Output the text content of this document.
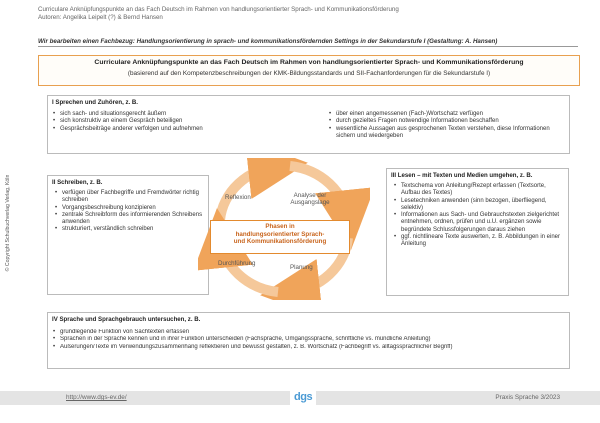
Curriculare Anknüpfungspunkte an das Fach Deutsch im Rahmen von handlungsorientierter Sprach- und Kommunikationsförderung
Autoren: Angelika Leipelt (?) & Bernd Hansen
Wir bearbeiten einen Fachbezug: Handlungsorientierung in sprach- und kommunikationsfördernden Settings in der Sekundarstufe I (Gestaltung: A. Hansen)
© Copyright Schulbuchverlag Verlag, Köln
Curriculare Anknüpfungspunkte an das Fach Deutsch im Rahmen von handlungsorientierter Sprach- und Kommunikationsförderung
(basierend auf den Kompetenzbeschreibungen der KMK-Bildungsstandards und SII-Fachanforderungen für die Sekundarstufe I)
I Sprechen und Zuhören, z. B.
• sich sach- und situationsgerecht äußern
• sich konstruktiv an einem Gespräch beteiligen
• Gesprächsbeiträge anderer verfolgen und aufnehmen
• über einen angemessenen (Fach-)Wortschatz verfügen
• durch gezieltes Fragen notwendige Informationen beschaffen
• wesentliche Aussagen aus gesprochenen Texten verstehen, diese Informationen sichern und wiedergeben
II Schreiben, z. B.
• verfügen über Fachbegriffe und Fremdwörter richtig schreiben
• Vorgangsbeschreibung konzipieren
• zentrale Schreibform des informierenden Schreibens anwenden
• strukturiert, verständlich schreiben
III Lesen – mit Texten und Medien umgehen, z. B.
• Textschema von Anleitung/Rezept erfassen (Textsorte, Aufbau des Textes)
• Lesetechniken anwenden (sinn bezogen, überfliegend, selektiv)
• Informationen aus Sach- und Gebrauchstexten zielgerichtet entnehmen, ordnen, prüfen und u.U. ergänzen sowie begründete Schlussfolgerungen daraus ziehen
• ggf. nichtlineare Texte auswerten, z. B. Abbildungen in einer Anleitung
Reflexion	Analyse der Ausgangslage
Durchführung
Planung
Phasen in
handlungsorientierter Sprach-
und Kommunikationsförderung
IV Sprache und Sprachgebrauch untersuchen, z. B.
• grundlegende Funktion von Sachtexten erfassen
• Sprachen in der Sprache kennen und in ihrer Funktion unterscheiden (Fachsprache, Umgangssprache, schriftliche vs. mündliche Anleitung)
• Äußerungen/Texte im Verwendungszusammenhang reflektieren und bewusst gestalten, z. B. Wortschatz (Fachbegriff vs. alltagssprachlicher Begriff)
http://www.dgs-ev.de/	Praxis Sprache 3/2023
dgs
